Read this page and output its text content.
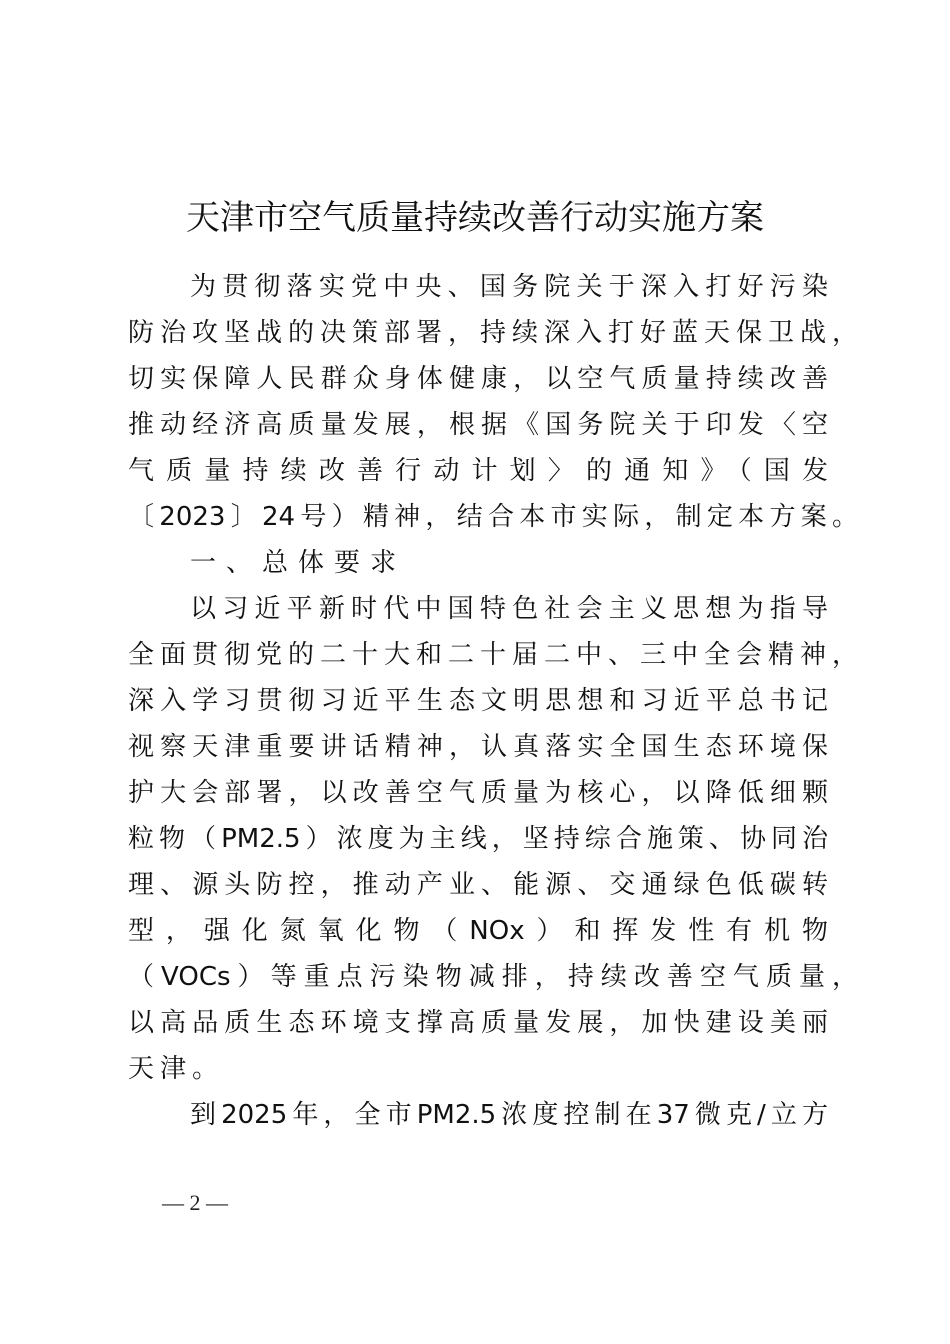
天津市空气质量持续改善行动实施方案
为贯彻落实党中央、国务院关于深入打好污染
防治攻坚战的决策部署，持续深入打好蓝天保卫战，
切实保障人民群众身体健康，以空气质量持续改善
推动经济高质量发展，根据《国务院关于印发〈空
气质量持续改善行动计划〉的通知》（国发
〔2023〕24号）精神，结合本市实际，制定本方案。
一、总体要求
以习近平新时代中国特色社会主义思想为指导
全面贯彻党的二十大和二十届二中、三中全会精神，
深入学习贯彻习近平生态文明思想和习近平总书记
视察天津重要讲话精神，认真落实全国生态环境保
护大会部署，以改善空气质量为核心，以降低细颗
粒物（PM2.5）浓度为主线，坚持综合施策、协同治
理、源头防控，推动产业、能源、交通绿色低碳转
型，强化氮氧化物（NOx）和挥发性有机物
（VOCs）等重点污染物减排，持续改善空气质量，
以高品质生态环境支撑高质量发展，加快建设美丽
天津。
到2025年，全市PM2.5浓度控制在37微克/立方
— 2 —
